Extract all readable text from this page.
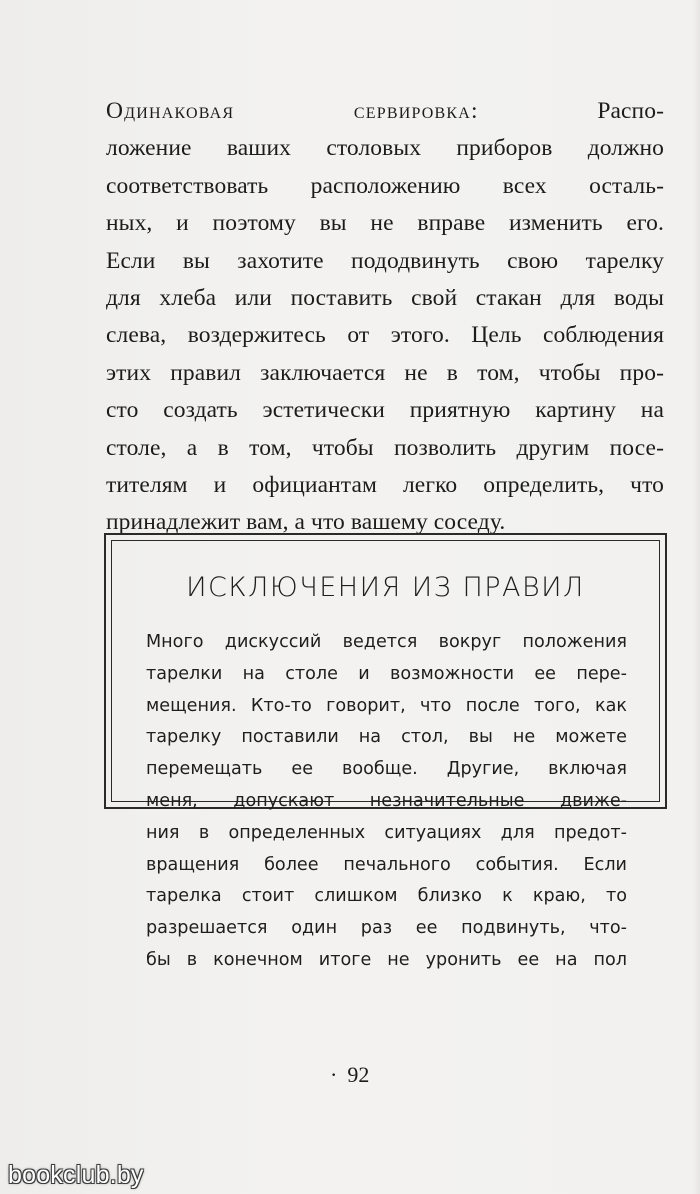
Одинаковая сервировка:	Распо-
ложение ваших столовых приборов должно
соответствовать расположению всех осталь-
ных, и поэтому вы не вправе изменить его.
Если вы захотите пододвинуть свою тарелку
для хлеба или поставить свой стакан для воды
слева, воздержитесь от этого. Цель соблюдения
этих правил заключается не в том, чтобы про-
сто создать эстетически приятную картину на
столе, а в том, чтобы позволить другим посе-
тителям и официантам легко определить, что
принадлежит вам, а что вашему соседу.
ИСКЛЮЧЕНИЯ ИЗ ПРАВИЛ
Много дискуссий ведется вокруг положения
тарелки на столе и возможности ее пере-
мещения. Кто-то говорит, что после того, как
тарелку поставили на стол, вы не можете
перемещать ее вообще. Другие, включая
меня, допускают незначительные движе-
ния в определенных ситуациях для предот-
вращения более печального события. Если
тарелка стоит слишком близко к краю, то
разрешается один раз ее подвинуть, что-
бы в конечном итоге не уронить ее на пол
· 92
bookclub.by
